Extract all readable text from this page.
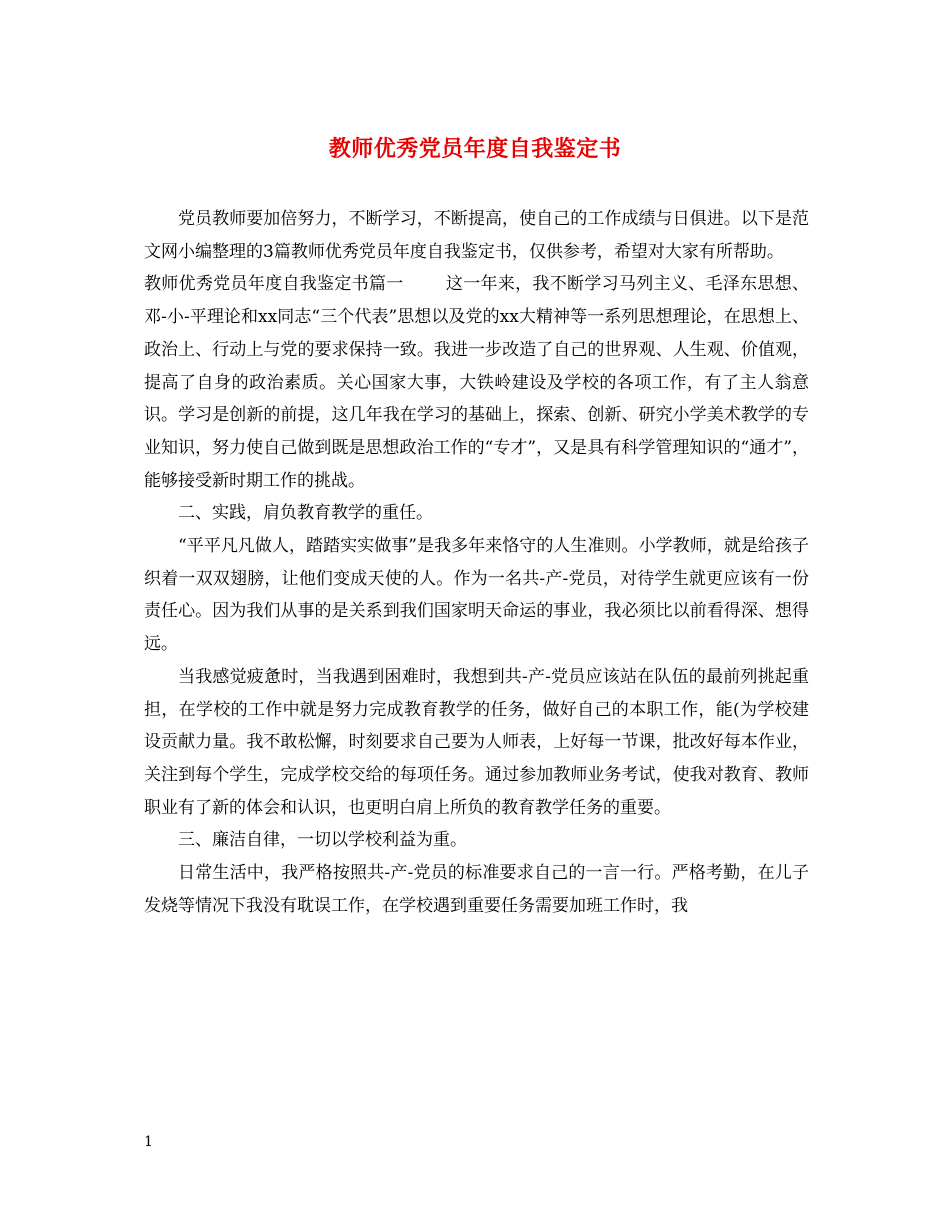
教师优秀党员年度自我鉴定书

党员教师要加倍努力，不断学习，不断提高，使自己的工作成绩与日俱进。以下是范文网小编整理的3篇教师优秀党员年度自我鉴定书，仅供参考，希望对大家有所帮助。

教师优秀党员年度自我鉴定书篇一 这一年来，我不断学习马列主义、毛泽东思想、邓-小-平理论和xx同志“三个代表”思想以及党的xx大精神等一系列思想理论，在思想上、政治上、行动上与党的要求保持一致。我进一步改造了自己的世界观、人生观、价值观，提高了自身的政治素质。关心国家大事，大铁岭建设及学校的各项工作，有了主人翁意识。学习是创新的前提，这几年我在学习的基础上，探索、创新、研究小学美术教学的专业知识，努力使自己做到既是思想政治工作的“专才”，又是具有科学管理知识的“通才”，能够接受新时期工作的挑战。

二、实践，肩负教育教学的重任。

“平平凡凡做人，踏踏实实做事”是我多年来恪守的人生准则。小学教师，就是给孩子织着一双双翅膀，让他们变成天使的人。作为一名共-产-党员，对待学生就更应该有一份责任心。因为我们从事的是关系到我们国家明天命运的事业，我必须比以前看得深、想得远。

当我感觉疲惫时，当我遇到困难时，我想到共-产-党员应该站在队伍的最前列挑起重担，在学校的工作中就是努力完成教育教学的任务，做好自己的本职工作，能(为学校建设贡献力量。我不敢松懈，时刻要求自己要为人师表，上好每一节课，批改好每本作业，关注到每个学生，完成学校交给的每项任务。通过参加教师业务考试，使我对教育、教师职业有了新的体会和认识，也更明白肩上所负的教育教学任务的重要。

三、廉洁自律，一切以学校利益为重。

日常生活中，我严格按照共-产-党员的标准要求自己的一言一行。严格考勤，在儿子发烧等情况下我没有耽误工作，在学校遇到重要任务需要加班工作时，我

1
